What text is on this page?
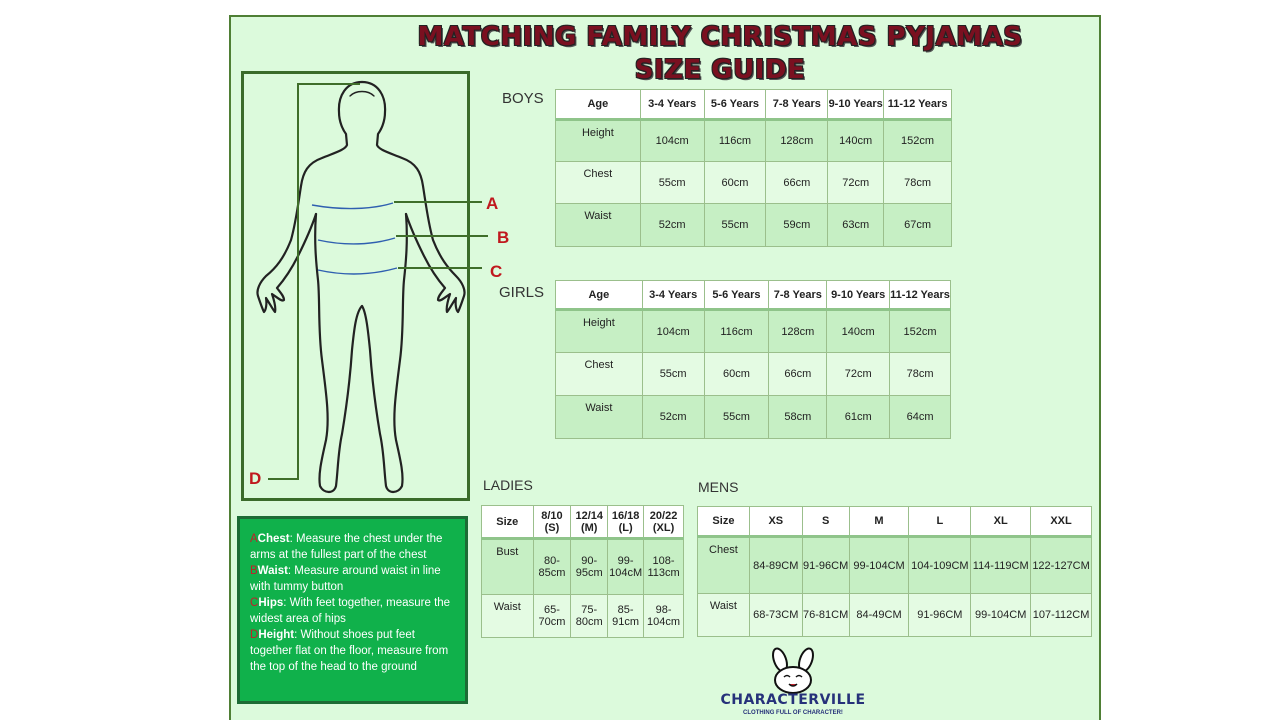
MATCHING FAMILY CHRISTMAS PYJAMAS
SIZE GUIDE
A
B
C
D
BOYS	Age	3-4 Years	5-6 Years	7-8 Years	9-10 Years	11-12 Years
Height	104cm	116cm	128cm	140cm	152cm
Chest	55cm	60cm	66cm	72cm	78cm
Waist	52cm	55cm	59cm	63cm	67cm
GIRLS	Age	3-4 Years	5-6 Years	7-8 Years	9-10 Years	11-12 Years
Height	104cm	116cm	128cm	140cm	152cm
Chest	55cm	60cm	66cm	72cm	78cm
Waist	52cm	55cm	58cm	61cm	64cm
LADIES
Size	8/10 (S)	12/14 (M)	16/18 (L)	20/22 (XL)
Bust	80-85cm	90-95cm	99-104cM	108-113cm
Waist	65-70cm	75-80cm	85-91cm	98-104cm
MENS
Size	XS	S	M	L	XL	XXL
Chest	84-89CM	91-96CM	99-104CM	104-109CM	114-119CM	122-127CM
Waist	68-73CM	76-81CM	84-49CM	91-96CM	99-104CM	107-112CM
AChest: Measure the chest under the arms at the fullest part of the chest
BWaist: Measure around waist in line with tummy button
CHips: With feet together, measure the widest area of hips
DHeight: Without shoes put feet together flat on the floor, measure from the top of the head to the ground
CHARACTERVILLE
CLOTHING FULL OF CHARACTER!
